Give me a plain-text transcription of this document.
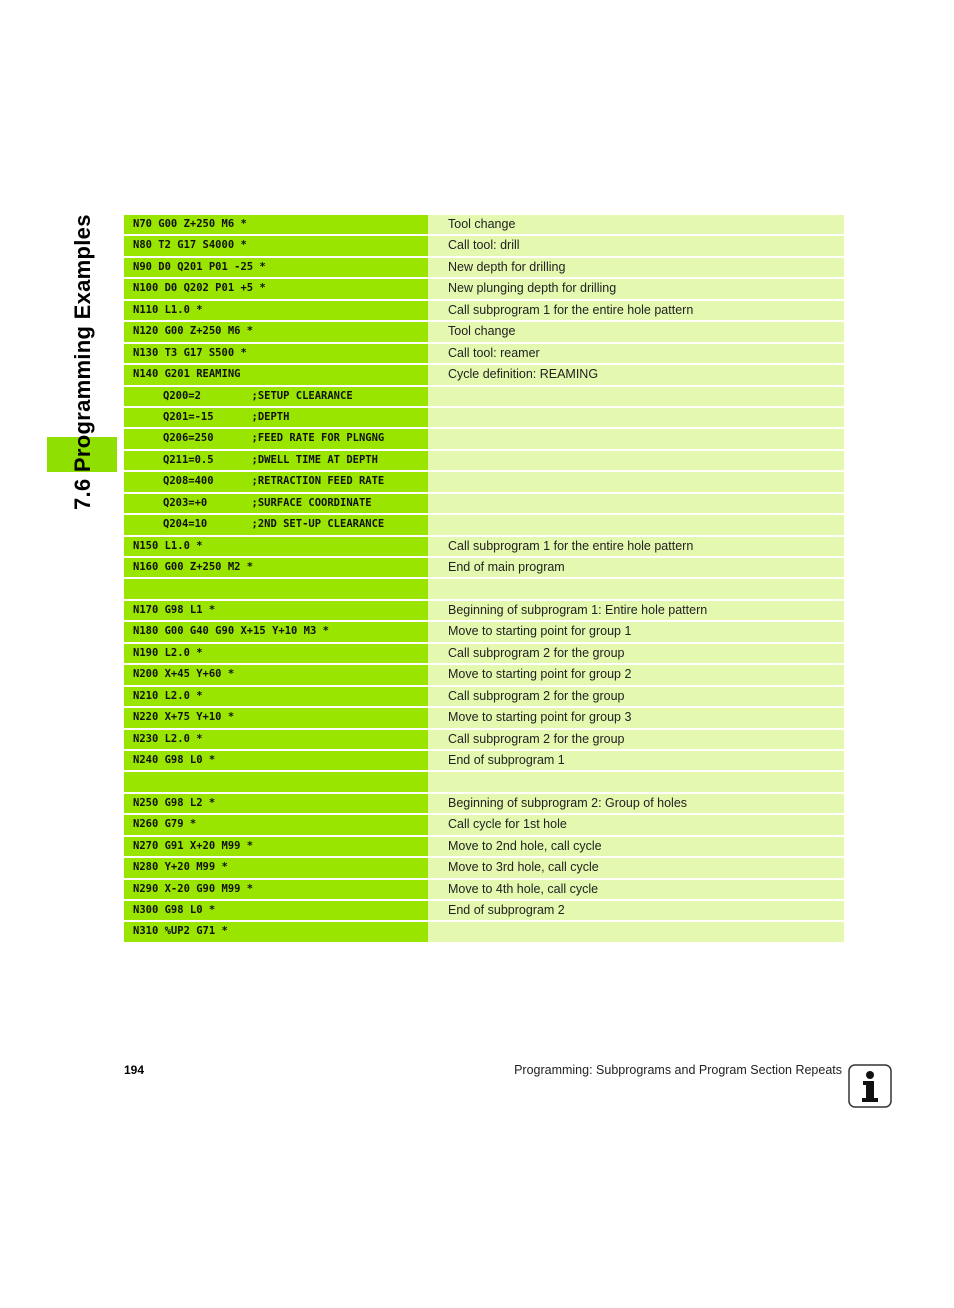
7.6 Programming Examples	N70 G00 Z+250 M6 *	Tool change
N80 T2 G17 S4000 *	Call tool: drill
N90 D0 Q201 P01 -25 *	New depth for drilling
N100 D0 Q202 P01 +5 *	New plunging depth for drilling
N110 L1.0 *	Call subprogram 1 for the entire hole pattern
N120 G00 Z+250 M6 *	Tool change
N130 T3 G17 S500 *	Call tool: reamer
N140 G201 REAMING	Cycle definition: REAMING
Q200=2        ;SETUP CLEARANCE
Q201=-15      ;DEPTH
Q206=250      ;FEED RATE FOR PLNGNG
Q211=0.5      ;DWELL TIME AT DEPTH
Q208=400      ;RETRACTION FEED RATE
Q203=+0       ;SURFACE COORDINATE
Q204=10       ;2ND SET-UP CLEARANCE
N150 L1.0 *	Call subprogram 1 for the entire hole pattern
N160 G00 Z+250 M2 *	End of main program
N170 G98 L1 *	Beginning of subprogram 1: Entire hole pattern
N180 G00 G40 G90 X+15 Y+10 M3 *	Move to starting point for group 1
N190 L2.0 *	Call subprogram 2 for the group
N200 X+45 Y+60 *	Move to starting point for group 2
N210 L2.0 *	Call subprogram 2 for the group
N220 X+75 Y+10 *	Move to starting point for group 3
N230 L2.0 *	Call subprogram 2 for the group
N240 G98 L0 *	End of subprogram 1
N250 G98 L2 *	Beginning of subprogram 2: Group of holes
N260 G79 *	Call cycle for 1st hole
N270 G91 X+20 M99 *	Move to 2nd hole, call cycle
N280 Y+20 M99 *	Move to 3rd hole, call cycle
N290 X-20 G90 M99 *	Move to 4th hole, call cycle
N300 G98 L0 *	End of subprogram 2
N310 %UP2 G71 *
194	Programming: Subprograms and Program Section Repeats
